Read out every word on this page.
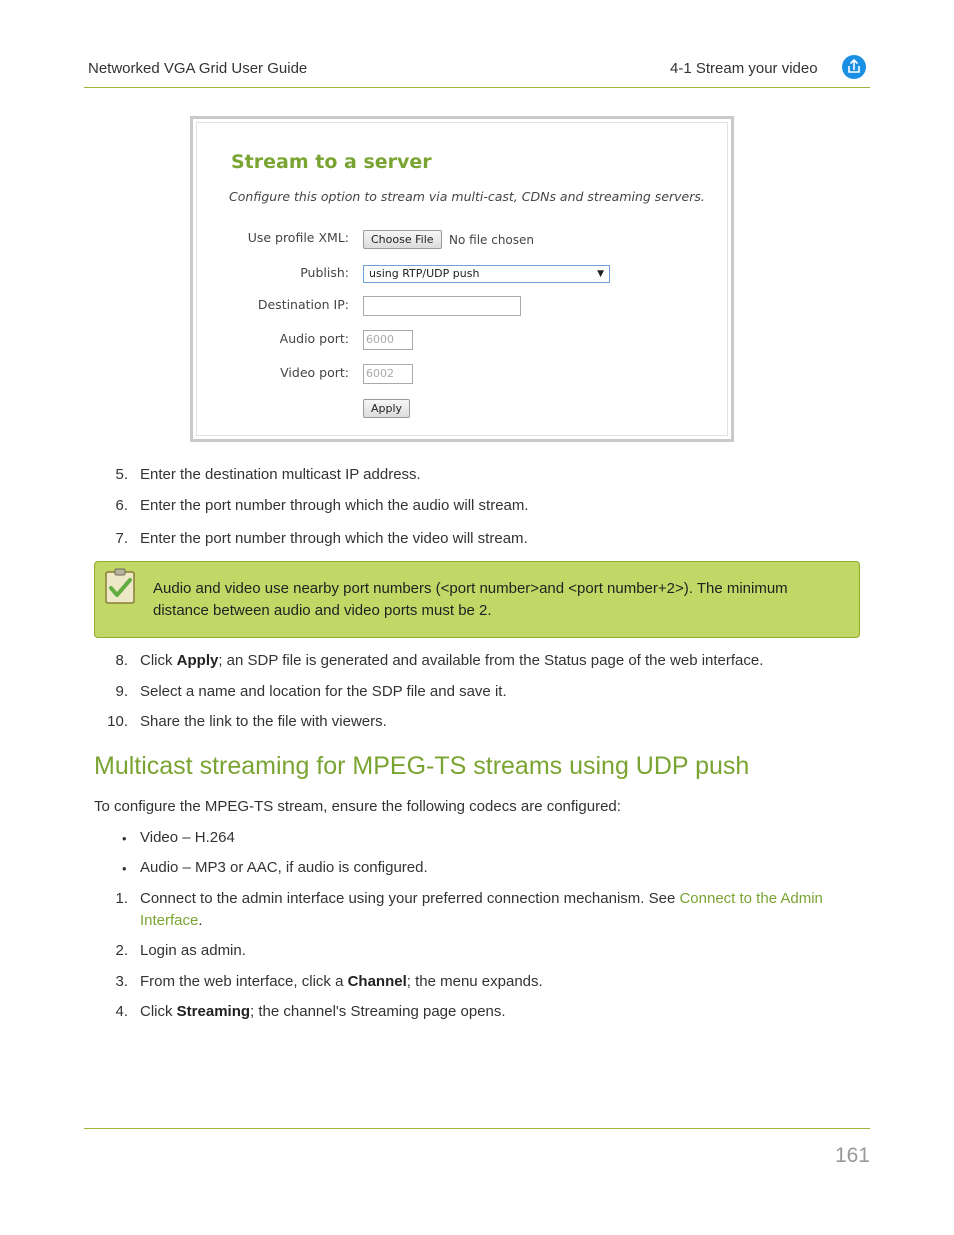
Networked VGA Grid User Guide	4-1 Stream your video
Stream to a server
Configure this option to stream via multi-cast, CDNs and streaming servers.
Use profile XML:	Choose File	No file chosen
Publish:	using RTP/UDP push	▼
Destination IP:
Audio port: 6000
Video port: 6002
Apply
5. Enter the destination multicast IP address.
6. Enter the port number through which the audio will stream.
7. Enter the port number through which the video will stream.
Audio and video use nearby port numbers (<port number>and <port number+2>). The minimum
distance between audio and video ports must be 2.
8. Click Apply; an SDP file is generated and available from the Status page of the web interface.
9. Select a name and location for the SDP file and save it.
10. Share the link to the file with viewers.
Multicast streaming for MPEG-TS streams using UDP push
To configure the MPEG-TS stream, ensure the following codecs are configured:
• Video – H.264
• Audio – MP3 or AAC, if audio is configured.
1. Connect to the admin interface using your preferred connection mechanism. See Connect to the Admin
Interface.
2. Login as admin.
3. From the web interface, click a Channel; the menu expands.
4. Click Streaming; the channel's Streaming page opens.
161
